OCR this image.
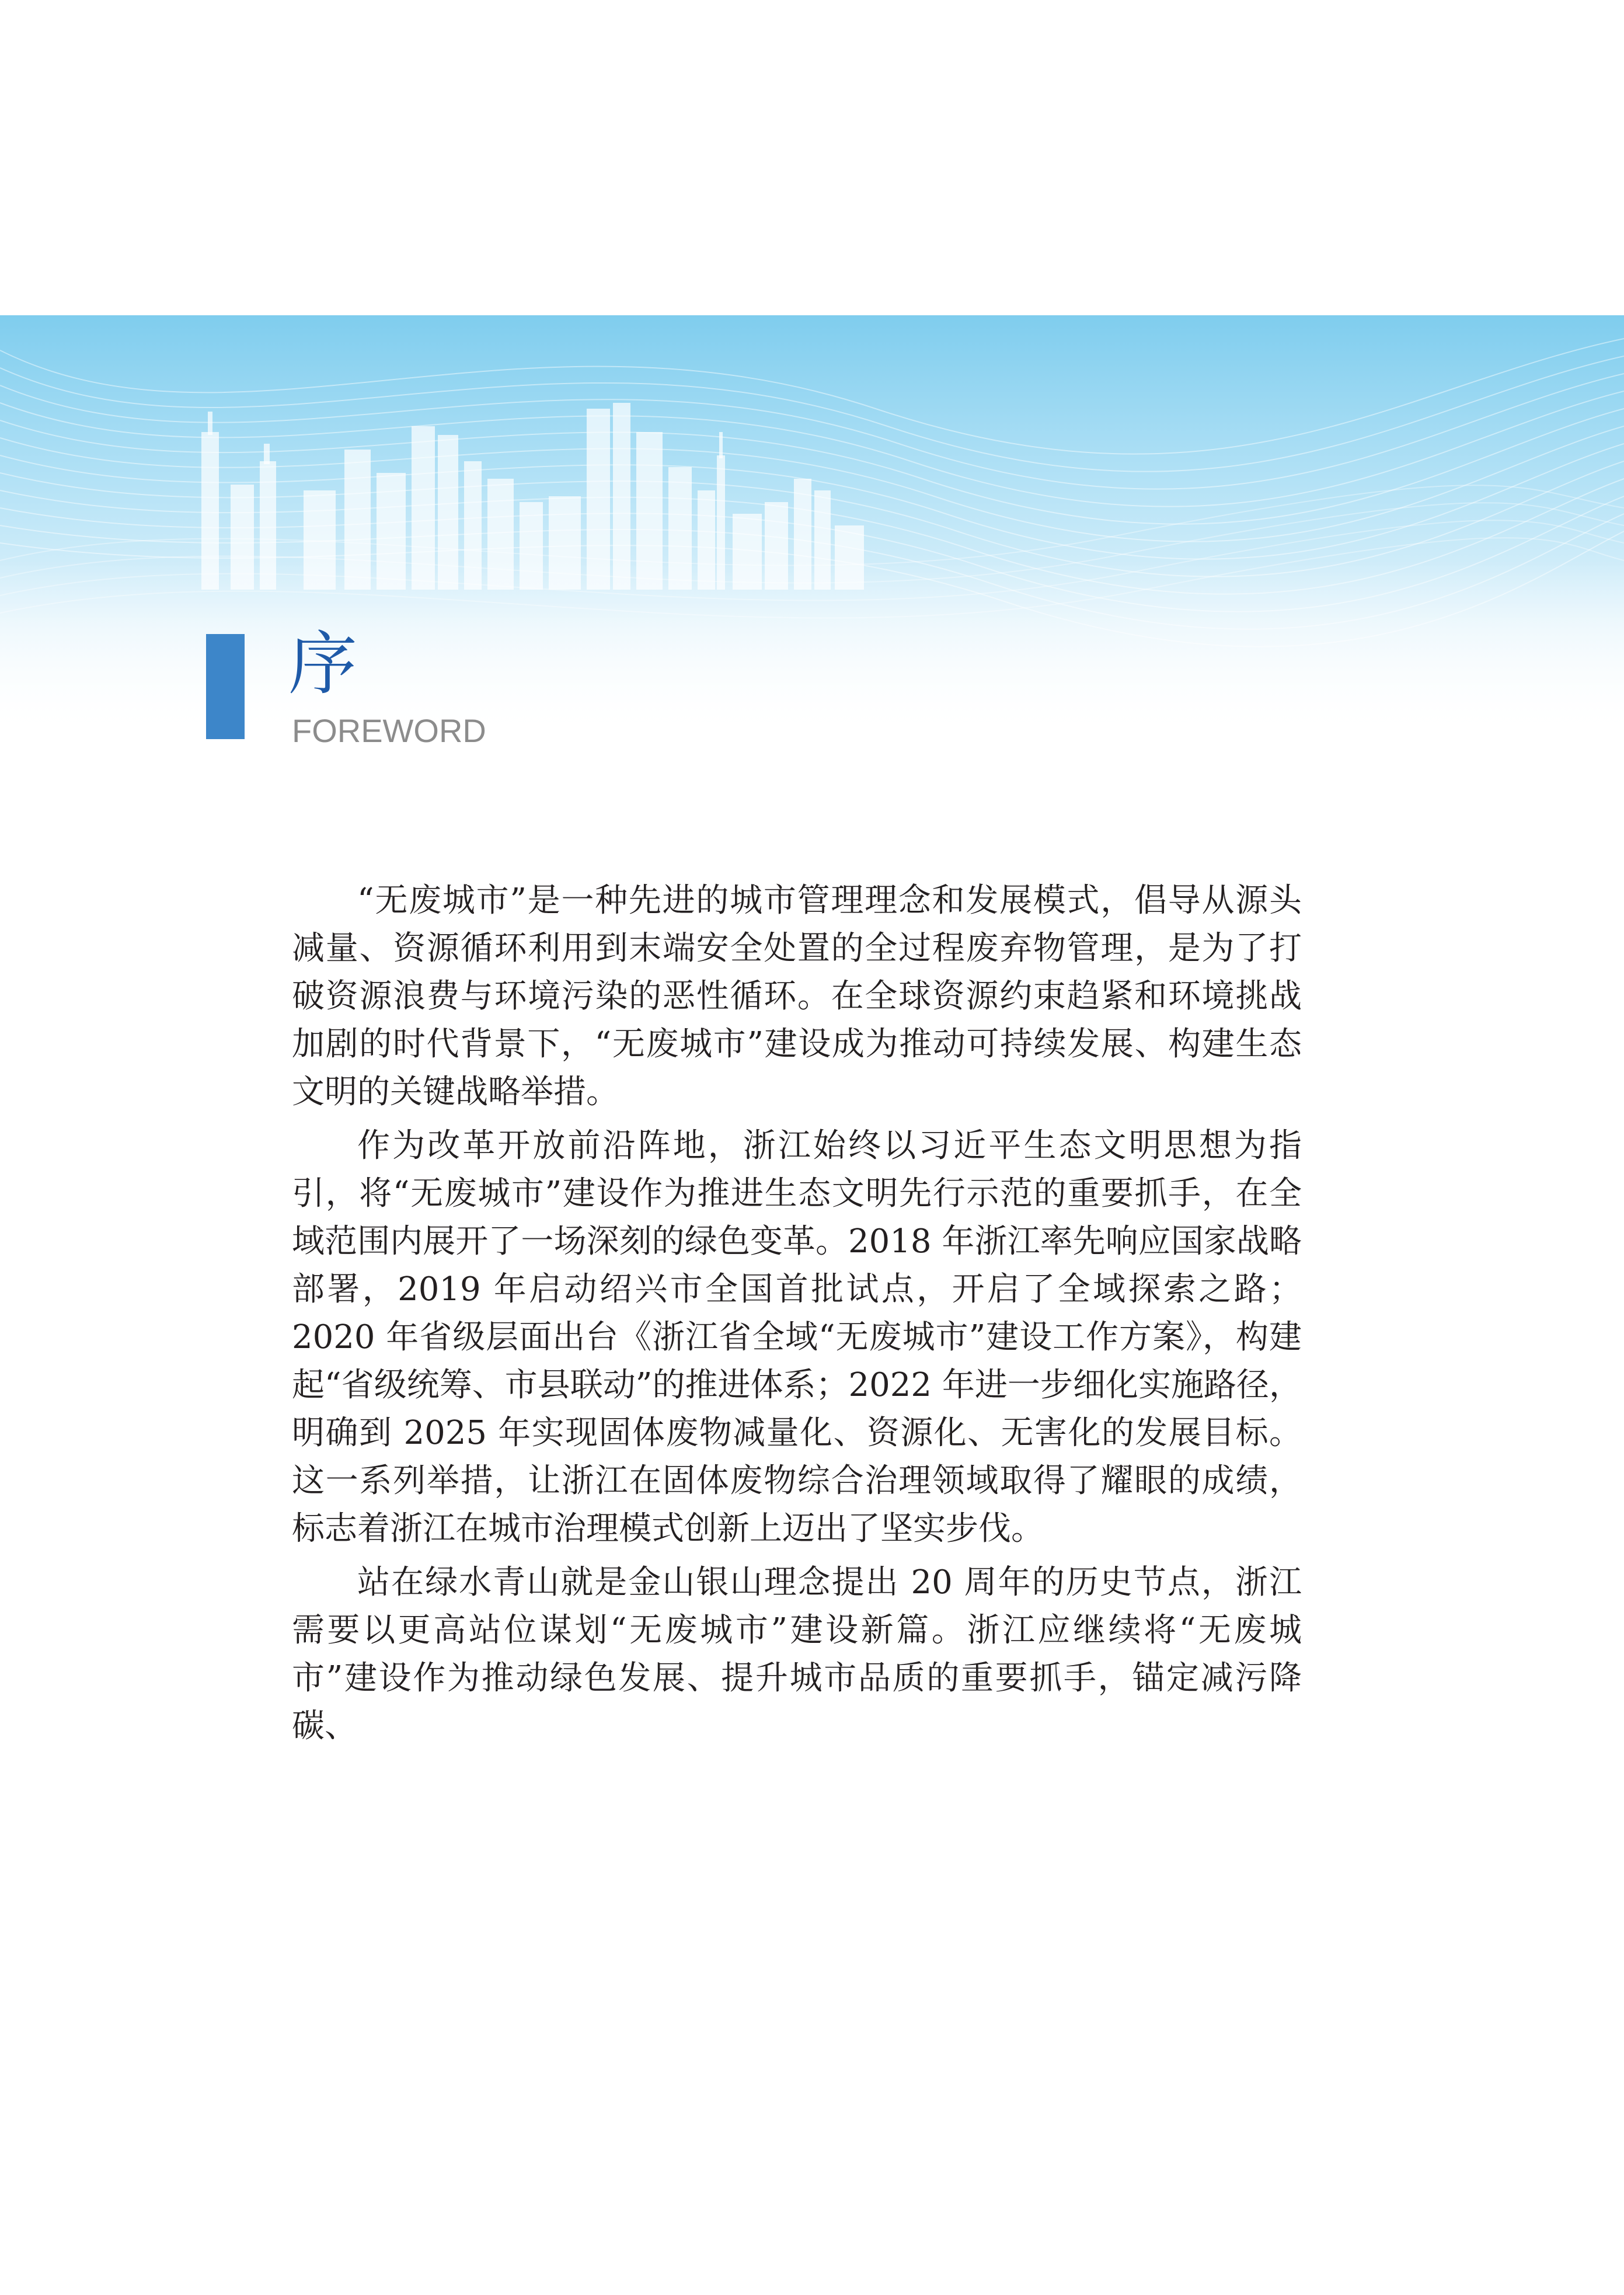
序
FOREWORD

“无废城市”是一种先进的城市管理理念和发展模式，倡导从源头减量、资源循环利用到末端安全处置的全过程废弃物管理，是为了打破资源浪费与环境污染的恶性循环。在全球资源约束趋紧和环境挑战加剧的时代背景下，“无废城市”建设成为推动可持续发展、构建生态文明的关键战略举措。

作为改革开放前沿阵地，浙江始终以习近平生态文明思想为指引，将“无废城市”建设作为推进生态文明先行示范的重要抓手，在全域范围内展开了一场深刻的绿色变革。2018 年浙江率先响应国家战略部署，2019 年启动绍兴市全国首批试点，开启了全域探索之路；2020 年省级层面出台《浙江省全域“无废城市”建设工作方案》，构建起“省级统筹、市县联动”的推进体系；2022 年进一步细化实施路径，明确到 2025 年实现固体废物减量化、资源化、无害化的发展目标。这一系列举措，让浙江在固体废物综合治理领域取得了耀眼的成绩，标志着浙江在城市治理模式创新上迈出了坚实步伐。

站在绿水青山就是金山银山理念提出 20 周年的历史节点，浙江需要以更高站位谋划“无废城市”建设新篇。浙江应继续将“无废城市”建设作为推动绿色发展、提升城市品质的重要抓手，锚定减污降碳、
